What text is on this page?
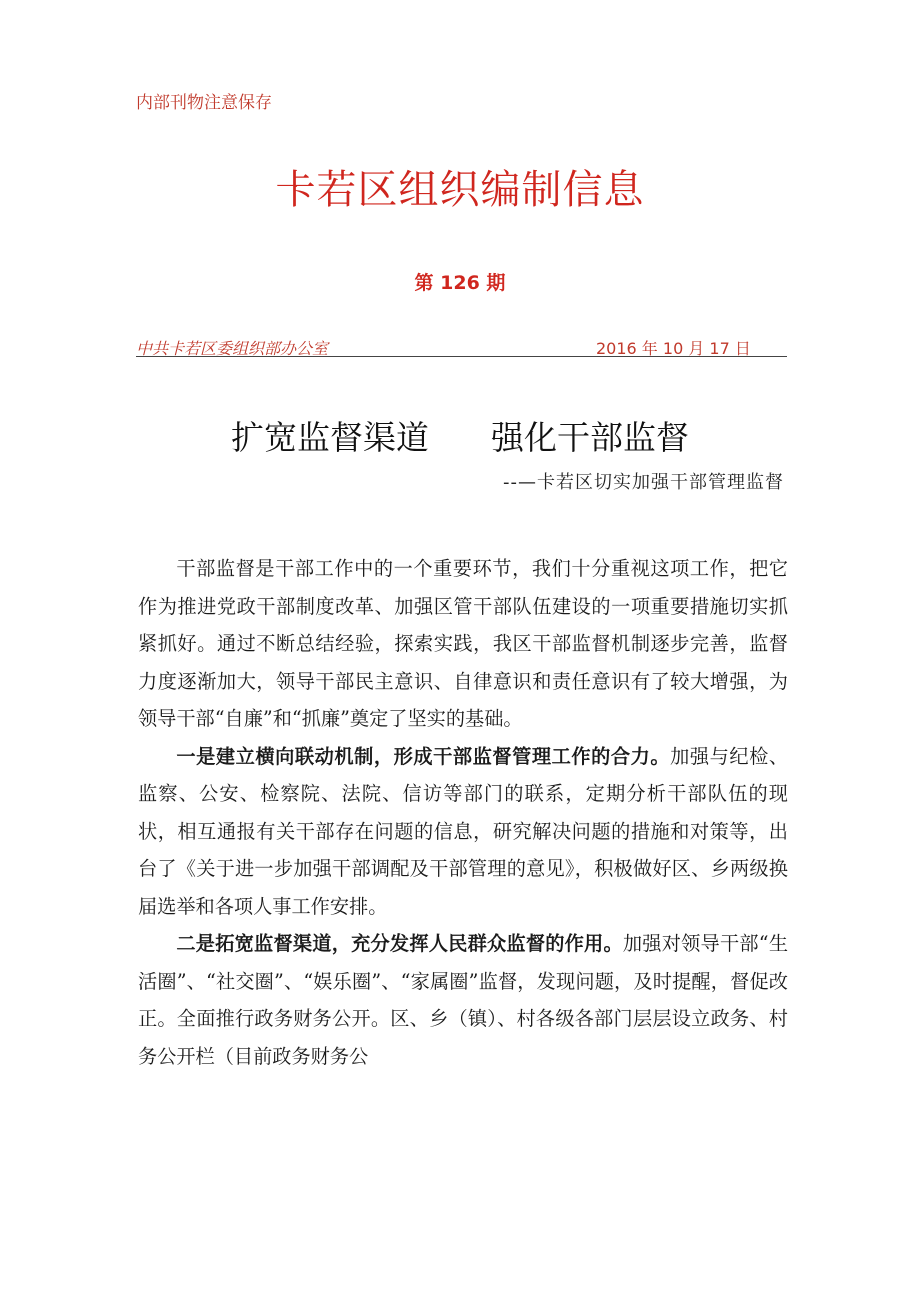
内部刊物注意保存
卡若区组织编制信息
第 126 期
中共卡若区委组织部办公室	2016 年 10 月 17 日
扩宽监督渠道 强化干部监督
--—卡若区切实加强干部管理监督

干部监督是干部工作中的一个重要环节，我们十分重视这项工作，把它作为推进党政干部制度改革、加强区管干部队伍建设的一项重要措施切实抓紧抓好。通过不断总结经验，探索实践，我区干部监督机制逐步完善，监督力度逐渐加大，领导干部民主意识、自律意识和责任意识有了较大增强，为领导干部“自廉”和“抓廉”奠定了坚实的基础。

一是建立横向联动机制，形成干部监督管理工作的合力。加强与纪检、监察、公安、检察院、法院、信访等部门的联系，定期分析干部队伍的现状，相互通报有关干部存在问题的信息，研究解决问题的措施和对策等，出台了《关于进一步加强干部调配及干部管理的意见》，积极做好区、乡两级换届选举和各项人事工作安排。

二是拓宽监督渠道，充分发挥人民群众监督的作用。加强对领导干部“生活圈”、“社交圈”、“娱乐圈”、“家属圈”监督，发现问题，及时提醒，督促改正。全面推行政务财务公开。区、乡（镇）、村各级各部门层层设立政务、村务公开栏（目前政务财务公
